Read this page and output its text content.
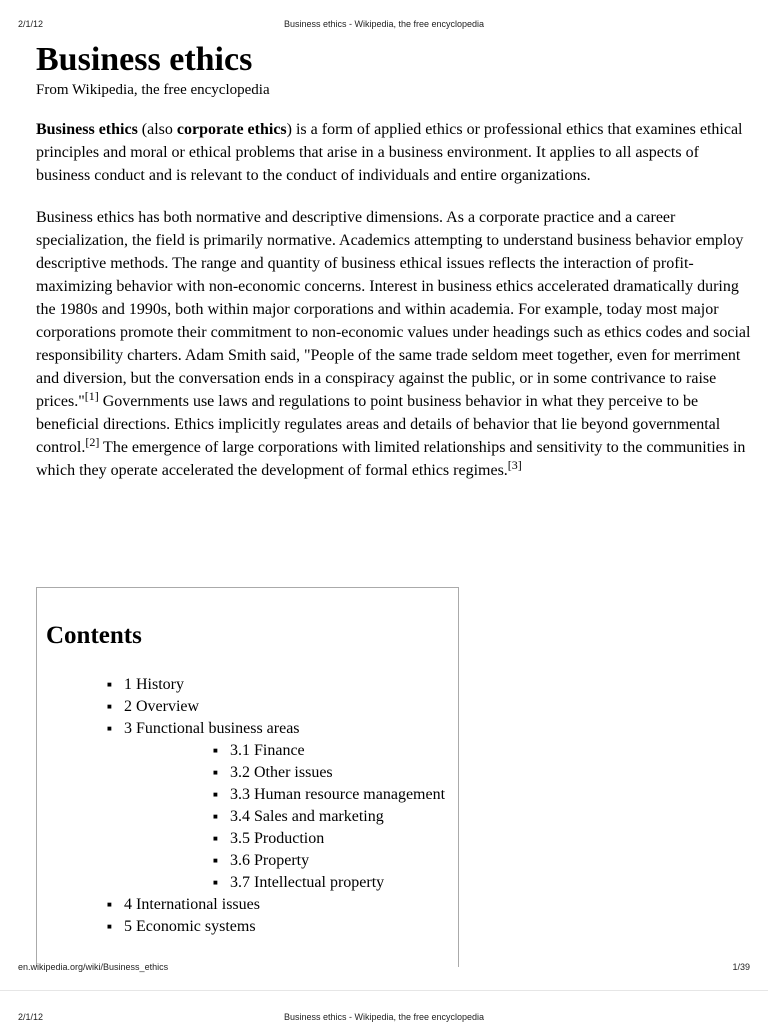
2/1/12	Business ethics - Wikipedia, the free encyclopedia
Business ethics
From Wikipedia, the free encyclopedia

Business ethics (also corporate ethics) is a form of applied ethics or professional ethics that examines ethical principles and moral or ethical problems that arise in a business environment. It applies to all aspects of business conduct and is relevant to the conduct of individuals and entire organizations.

Business ethics has both normative and descriptive dimensions. As a corporate practice and a career specialization, the field is primarily normative. Academics attempting to understand business behavior employ descriptive methods. The range and quantity of business ethical issues reflects the interaction of profit-maximizing behavior with non-economic concerns. Interest in business ethics accelerated dramatically during the 1980s and 1990s, both within major corporations and within academia. For example, today most major corporations promote their commitment to non-economic values under headings such as ethics codes and social responsibility charters. Adam Smith said, "People of the same trade seldom meet together, even for merriment and diversion, but the conversation ends in a conspiracy against the public, or in some contrivance to raise prices."[1] Governments use laws and regulations to point business behavior in what they perceive to be beneficial directions. Ethics implicitly regulates areas and details of behavior that lie beyond governmental control.[2] The emergence of large corporations with limited relationships and sensitivity to the communities in which they operate accelerated the development of formal ethics regimes.[3]

Contents
■ 1 History
■ 2 Overview
■ 3 Functional business areas
■ 3.1 Finance
■ 3.2 Other issues
■ 3.3 Human resource management
■ 3.4 Sales and marketing
■ 3.5 Production
■ 3.6 Property
■ 3.7 Intellectual property
■ 4 International issues
■ 5 Economic systems
en.wikipedia.org/wiki/Business_ethics	1/39
2/1/12	Business ethics - Wikipedia, the free encyclopedia
